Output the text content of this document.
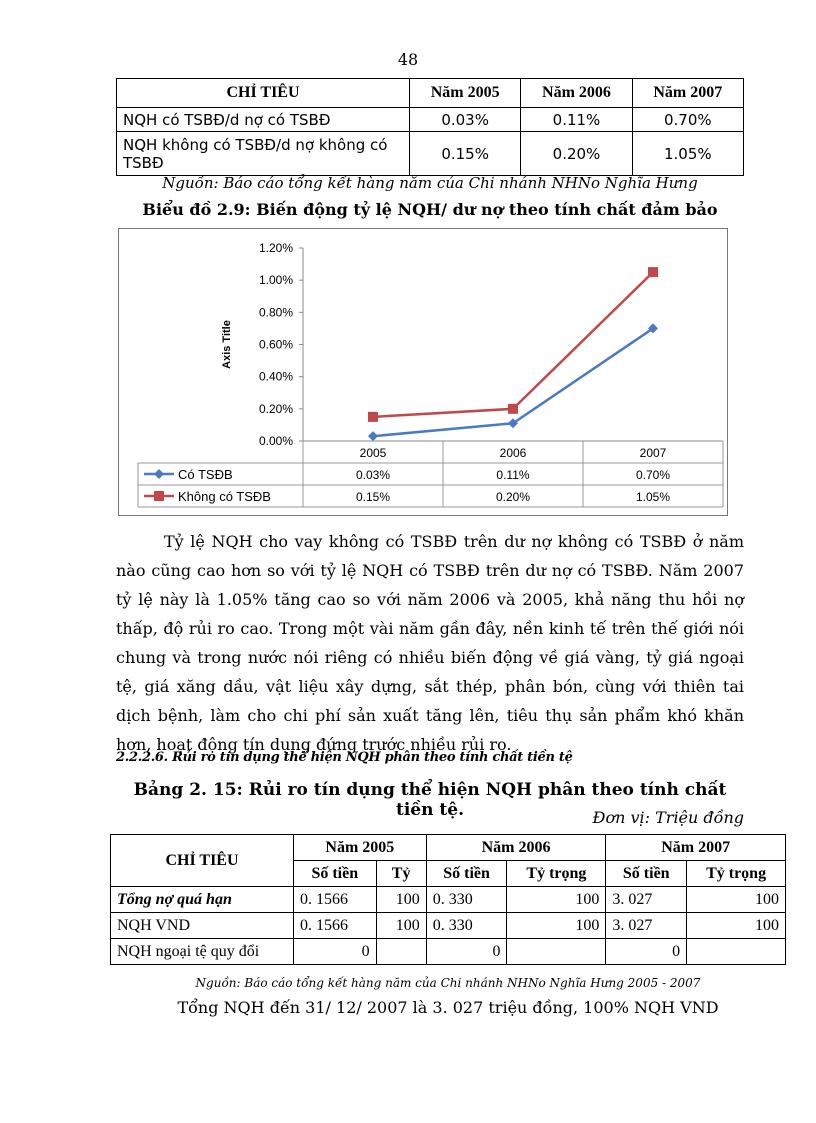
48
CHỈ TIÊU	Năm 2005	Năm 2006	Năm 2007
NQH có TSBĐ/d nợ có TSBĐ	0.03%	0.11%	0.70%
NQH không có TSBĐ/d nợ không có TSBĐ	0.15%	0.20%	1.05%
Nguồn: Báo cáo tổng kết hàng năm của Chi nhánh NHNo Nghĩa Hưng
Biểu đồ 2.9: Biến động tỷ lệ NQH/ dư nợ theo tính chất đảm bảo
0.00%
0.20%
0.40%
0.60%
0.80%
1.00%
1.20%
Axis Title
2005	2006	2007
Có TSĐB	0.03%	0.11%	0.70%
Không có TSĐB	0.15%	0.20%	1.05%

Tỷ lệ NQH cho vay không có TSBĐ trên dư nợ không có TSBĐ ở năm nào cũng cao hơn so với tỷ lệ NQH có TSBĐ trên dư nợ có TSBĐ. Năm 2007 tỷ lệ này là 1.05% tăng cao so với năm 2006 và 2005, khả năng thu hồi nợ thấp, độ rủi ro cao. Trong một vài năm gần đây, nền kinh tế trên thế giới nói chung và trong nước nói riêng có nhiều biến động về giá vàng, tỷ giá ngoại tệ, giá xăng dầu, vật liệu xây dựng, sắt thép, phân bón, cùng với thiên tai dịch bệnh, làm cho chi phí sản xuất tăng lên, tiêu thụ sản phẩm khó khăn hơn, hoạt động tín dụng đứng trước nhiều rủi ro.

2.2.2.6. Rủi ro tín dụng thể hiện NQH phân theo tính chất tiền tệ
Bảng 2. 15: Rủi ro tín dụng thể hiện NQH phân theo tính chất tiền tệ.	Đơn vị: Triệu đồng
CHỈ TIÊU	Năm 2005		Năm 2006		Năm 2007	
	Số tiền	Tỷ	Số tiền	Tỷ trọng	Số tiền	Tỷ trọng
Tổng nợ quá hạn	0. 1566	100	0. 330	100	3. 027	100
NQH VND	0. 1566	100	0. 330	100	3. 027	100
NQH ngoại tệ quy đổi	0		0		0	
Nguồn: Báo cáo tổng kết hàng năm của Chi nhánh NHNo Nghĩa Hưng 2005 - 2007
Tổng NQH đến 31/ 12/ 2007 là 3. 027 triệu đồng, 100% NQH VND
